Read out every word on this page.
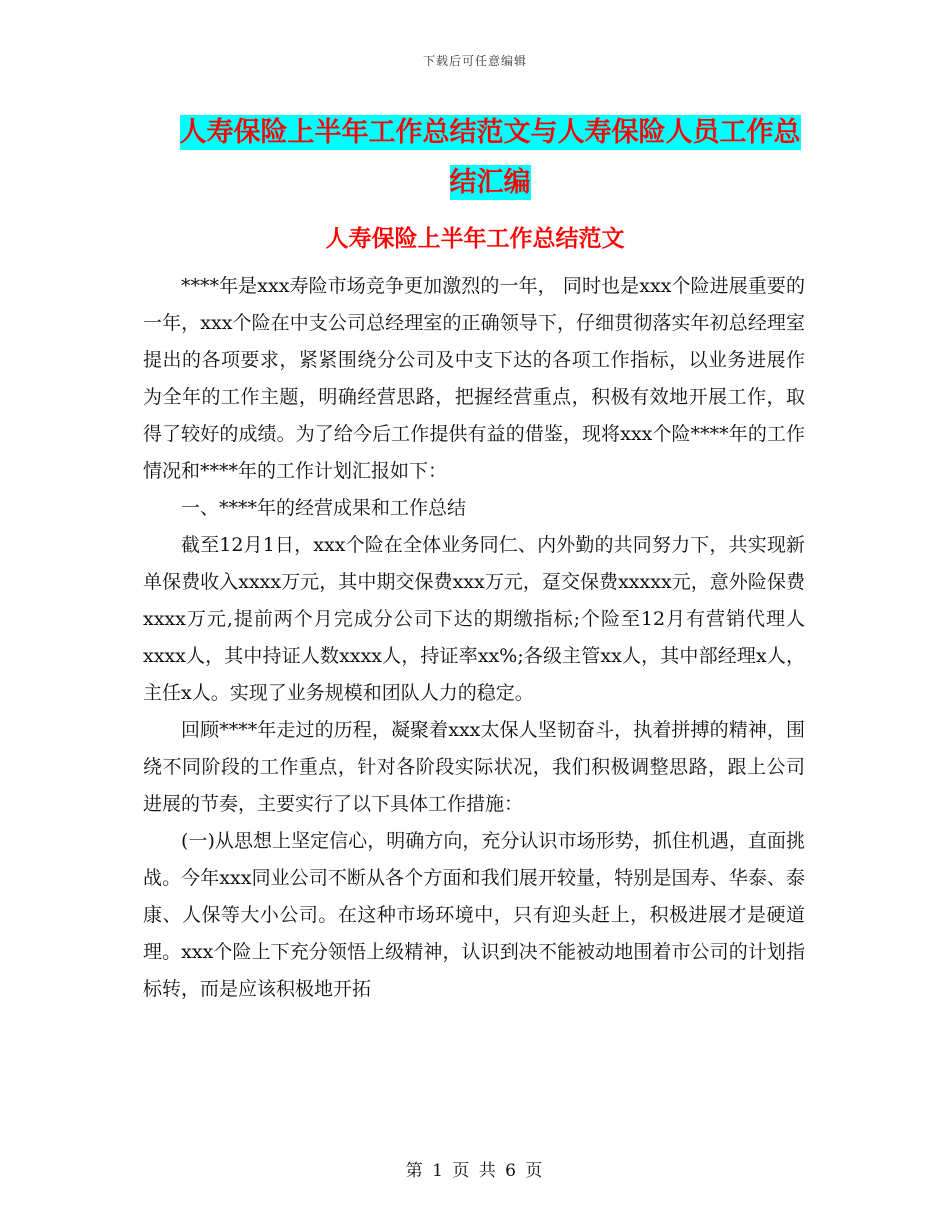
下载后可任意编辑
人寿保险上半年工作总结范文与人寿保险人员工作总
结汇编
人寿保险上半年工作总结范文

****年是xxx寿险市场竞争更加激烈的一年， 同时也是xxx个险进展重要的一年，xxx个险在中支公司总经理室的正确领导下，仔细贯彻落实年初总经理室提出的各项要求，紧紧围绕分公司及中支下达的各项工作指标，以业务进展作为全年的工作主题，明确经营思路，把握经营重点，积极有效地开展工作，取得了较好的成绩。为了给今后工作提供有益的借鉴，现将xxx个险****年的工作情况和****年的工作计划汇报如下：

一、****年的经营成果和工作总结

截至12月1日，xxx个险在全体业务同仁、内外勤的共同努力下，共实现新单保费收入xxxx万元，其中期交保费xxx万元，趸交保费xxxxx元，意外险保费xxxx万元,提前两个月完成分公司下达的期缴指标;个险至12月有营销代理人xxxx人，其中持证人数xxxx人，持证率xx%;各级主管xx人，其中部经理x人，主任x人。实现了业务规模和团队人力的稳定。

回顾****年走过的历程，凝聚着xxx太保人坚韧奋斗，执着拼搏的精神，围绕不同阶段的工作重点，针对各阶段实际状况，我们积极调整思路，跟上公司进展的节奏，主要实行了以下具体工作措施：

(一)从思想上坚定信心，明确方向，充分认识市场形势，抓住机遇，直面挑战。今年xxx同业公司不断从各个方面和我们展开较量，特别是国寿、华泰、泰康、人保等大小公司。在这种市场环境中，只有迎头赶上，积极进展才是硬道理。xxx个险上下充分领悟上级精神，认识到决不能被动地围着市公司的计划指标转，而是应该积极地开拓

第 1 页 共 6 页
